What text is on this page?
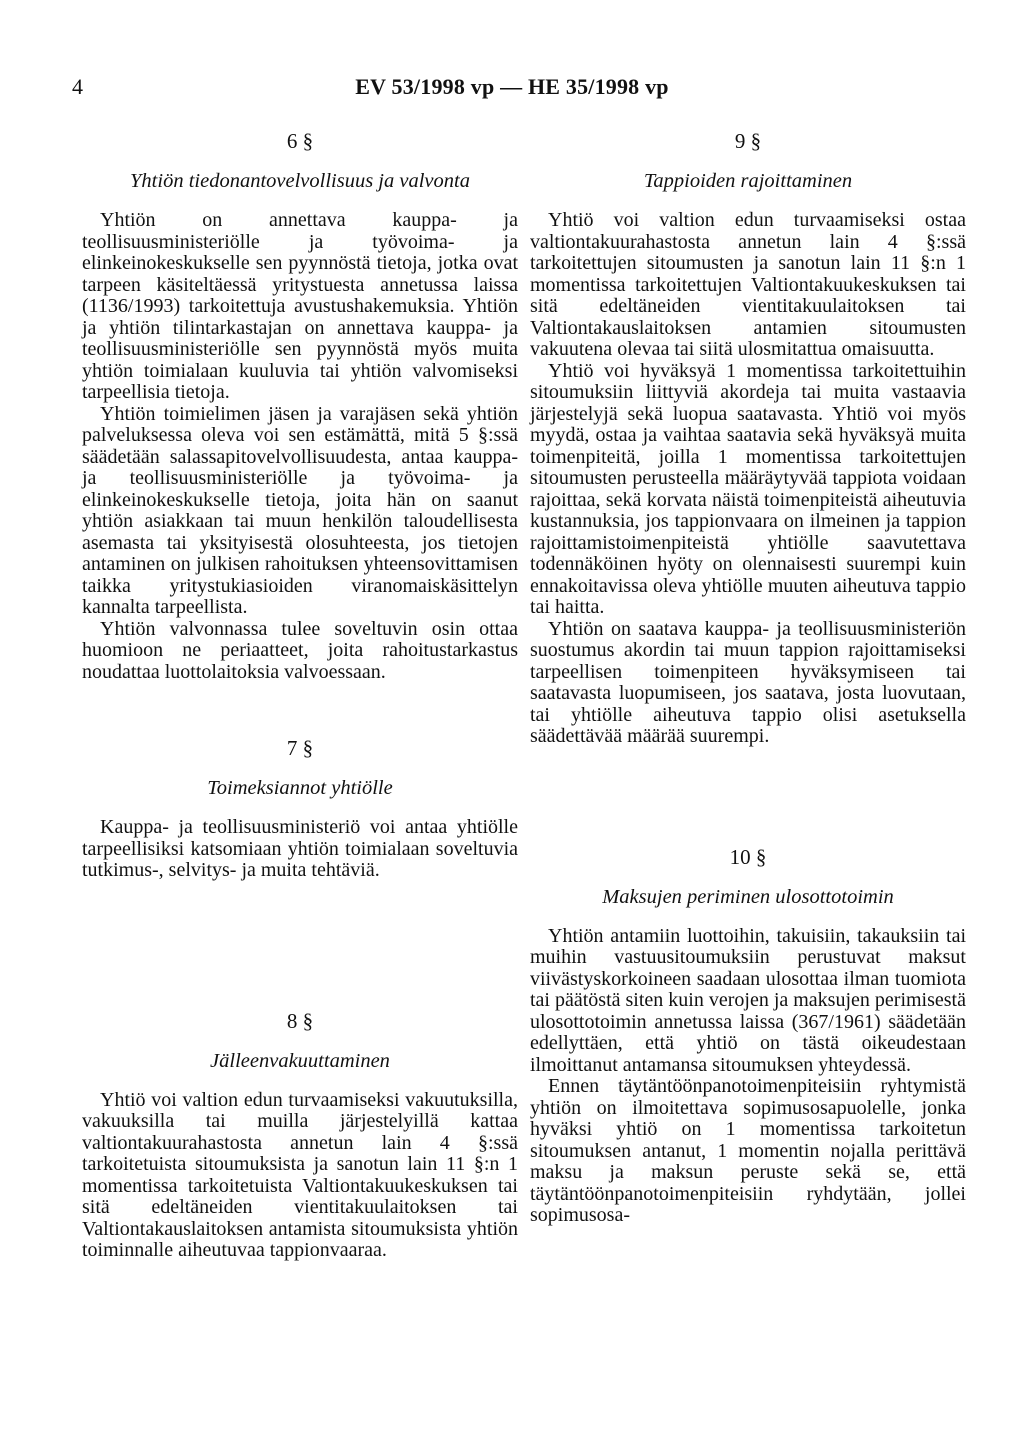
4	EV 53/1998 vp — HE 35/1998 vp
6 §
Yhtiön tiedonantovelvollisuus ja valvonta

Yhtiön on annettava kauppa- ja teollisuusministeriölle ja työvoima- ja elinkeinokeskukselle sen pyynnöstä tietoja, jotka ovat tarpeen käsiteltäessä yritystuesta annetussa laissa (1136/1993) tarkoitettuja avustushakemuksia. Yhtiön ja yhtiön tilintarkastajan on annettava kauppa- ja teollisuusministeriölle sen pyynnöstä myös muita yhtiön toimialaan kuuluvia tai yhtiön valvomiseksi tarpeellisia tietoja.

Yhtiön toimielimen jäsen ja varajäsen sekä yhtiön palveluksessa oleva voi sen estämättä, mitä 5 §:ssä säädetään salassapitovelvollisuudesta, antaa kauppa- ja teollisuusministeriölle ja työvoima- ja elinkeinokeskukselle tietoja, joita hän on saanut yhtiön asiakkaan tai muun henkilön taloudellisesta asemasta tai yksityisestä olosuhteesta, jos tietojen antaminen on julkisen rahoituksen yhteensovittamisen taikka yritystukiasioiden viranomaiskäsittelyn kannalta tarpeellista.

Yhtiön valvonnassa tulee soveltuvin osin ottaa huomioon ne periaatteet, joita rahoitustarkastus noudattaa luottolaitoksia valvoessaan.

7 §
Toimeksiannot yhtiölle

Kauppa- ja teollisuusministeriö voi antaa yhtiölle tarpeellisiksi katsomiaan yhtiön toimialaan soveltuvia tutkimus-, selvitys- ja muita tehtäviä.

8 §
Jälleenvakuuttaminen

Yhtiö voi valtion edun turvaamiseksi vakuutuksilla, vakuuksilla tai muilla järjestelyillä kattaa valtiontakuurahastosta annetun lain 4 §:ssä tarkoitetuista sitoumuksista ja sanotun lain 11 §:n 1 momentissa tarkoitetuista Valtiontakuukeskuksen tai sitä edeltäneiden vientitakuulaitoksen tai Valtiontakauslaitoksen antamista sitoumuksista yhtiön toiminnalle aiheutuvaa tappionvaaraa.

9 §
Tappioiden rajoittaminen

Yhtiö voi valtion edun turvaamiseksi ostaa valtiontakuurahastosta annetun lain 4 §:ssä tarkoitettujen sitoumusten ja sanotun lain 11 §:n 1 momentissa tarkoitettujen Valtiontakuukeskuksen tai sitä edeltäneiden vientitakuulaitoksen tai Valtiontakauslaitoksen antamien sitoumusten vakuutena olevaa tai siitä ulosmitattua omaisuutta.

Yhtiö voi hyväksyä 1 momentissa tarkoitettuihin sitoumuksiin liittyviä akordeja tai muita vastaavia järjestelyjä sekä luopua saatavasta. Yhtiö voi myös myydä, ostaa ja vaihtaa saatavia sekä hyväksyä muita toimenpiteitä, joilla 1 momentissa tarkoitettujen sitoumusten perusteella määräytyvää tappiota voidaan rajoittaa, sekä korvata näistä toimenpiteistä aiheutuvia kustannuksia, jos tappionvaara on ilmeinen ja tappion rajoittamistoimenpiteistä yhtiölle saavutettava todennäköinen hyöty on olennaisesti suurempi kuin ennakoitavissa oleva yhtiölle muuten aiheutuva tappio tai haitta.

Yhtiön on saatava kauppa- ja teollisuusministeriön suostumus akordin tai muun tappion rajoittamiseksi tarpeellisen toimenpiteen hyväksymiseen tai saatavasta luopumiseen, jos saatava, josta luovutaan, tai yhtiölle aiheutuva tappio olisi asetuksella säädettävää määrää suurempi.

10 §
Maksujen periminen ulosottotoimin

Yhtiön antamiin luottoihin, takuisiin, takauksiin tai muihin vastuusitoumuksiin perustuvat maksut viivästyskorkoineen saadaan ulosottaa ilman tuomiota tai päätöstä siten kuin verojen ja maksujen perimisestä ulosottotoimin annetussa laissa (367/1961) säädetään edellyttäen, että yhtiö on tästä oikeudestaan ilmoittanut antamansa sitoumuksen yhteydessä.

Ennen täytäntöönpanotoimenpiteisiin ryhtymistä yhtiön on ilmoitettava sopimusosapuolelle, jonka hyväksi yhtiö on 1 momentissa tarkoitetun sitoumuksen antanut, 1 momentin nojalla perittävä maksu ja maksun peruste sekä se, että täytäntöönpanotoimenpiteisiin ryhdytään, jollei sopimusosa-
